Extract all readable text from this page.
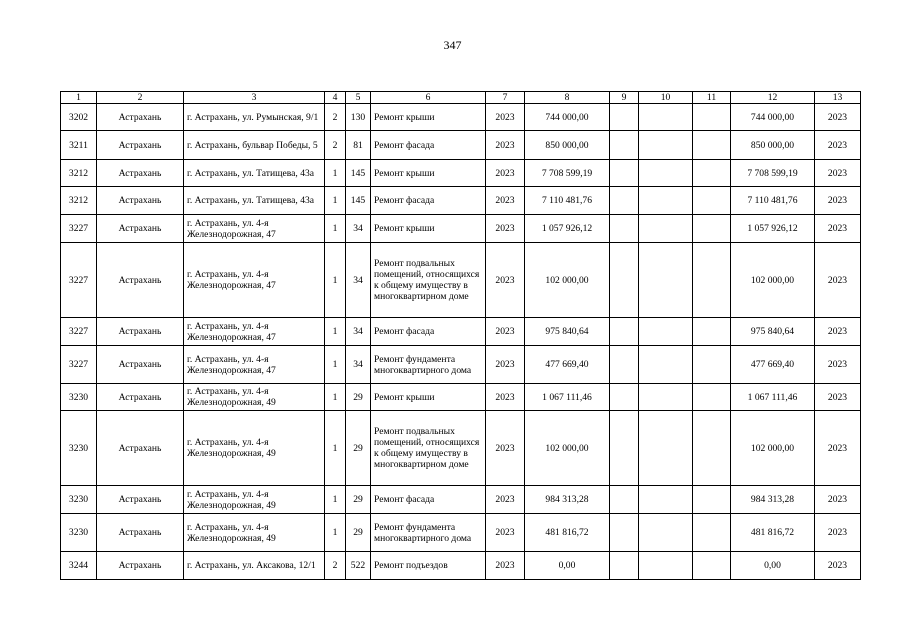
347
1	2	3	4	5	6	7	8	9	10	11	12	13
3202	Астрахань	г. Астрахань, ул. Румынская, 9/1	2	130	Ремонт крыши	2023	744 000,00				744 000,00	2023
3211	Астрахань	г. Астрахань, бульвар Победы, 5	2	81	Ремонт фасада	2023	850 000,00				850 000,00	2023
3212	Астрахань	г. Астрахань, ул. Татищева, 43а	1	145	Ремонт крыши	2023	7 708 599,19				7 708 599,19	2023
3212	Астрахань	г. Астрахань, ул. Татищева, 43а	1	145	Ремонт фасада	2023	7 110 481,76				7 110 481,76	2023
3227	Астрахань	г. Астрахань, ул. 4-я Железнодорожная, 47	1	34	Ремонт крыши	2023	1 057 926,12				1 057 926,12	2023
3227	Астрахань	г. Астрахань, ул. 4-я Железнодорожная, 47	1	34	Ремонт подвальных помещений, относящихся к общему имуществу в многоквартирном доме	2023	102 000,00				102 000,00	2023
3227	Астрахань	г. Астрахань, ул. 4-я Железнодорожная, 47	1	34	Ремонт фасада	2023	975 840,64				975 840,64	2023
3227	Астрахань	г. Астрахань, ул. 4-я Железнодорожная, 47	1	34	Ремонт фундамента многоквартирного дома	2023	477 669,40				477 669,40	2023
3230	Астрахань	г. Астрахань, ул. 4-я Железнодорожная, 49	1	29	Ремонт крыши	2023	1 067 111,46				1 067 111,46	2023
3230	Астрахань	г. Астрахань, ул. 4-я Железнодорожная, 49	1	29	Ремонт подвальных помещений, относящихся к общему имуществу в многоквартирном доме	2023	102 000,00				102 000,00	2023
3230	Астрахань	г. Астрахань, ул. 4-я Железнодорожная, 49	1	29	Ремонт фасада	2023	984 313,28				984 313,28	2023
3230	Астрахань	г. Астрахань, ул. 4-я Железнодорожная, 49	1	29	Ремонт фундамента многоквартирного дома	2023	481 816,72				481 816,72	2023
3244	Астрахань	г. Астрахань, ул. Аксакова, 12/1	2	522	Ремонт подъездов	2023	0,00				0,00	2023
